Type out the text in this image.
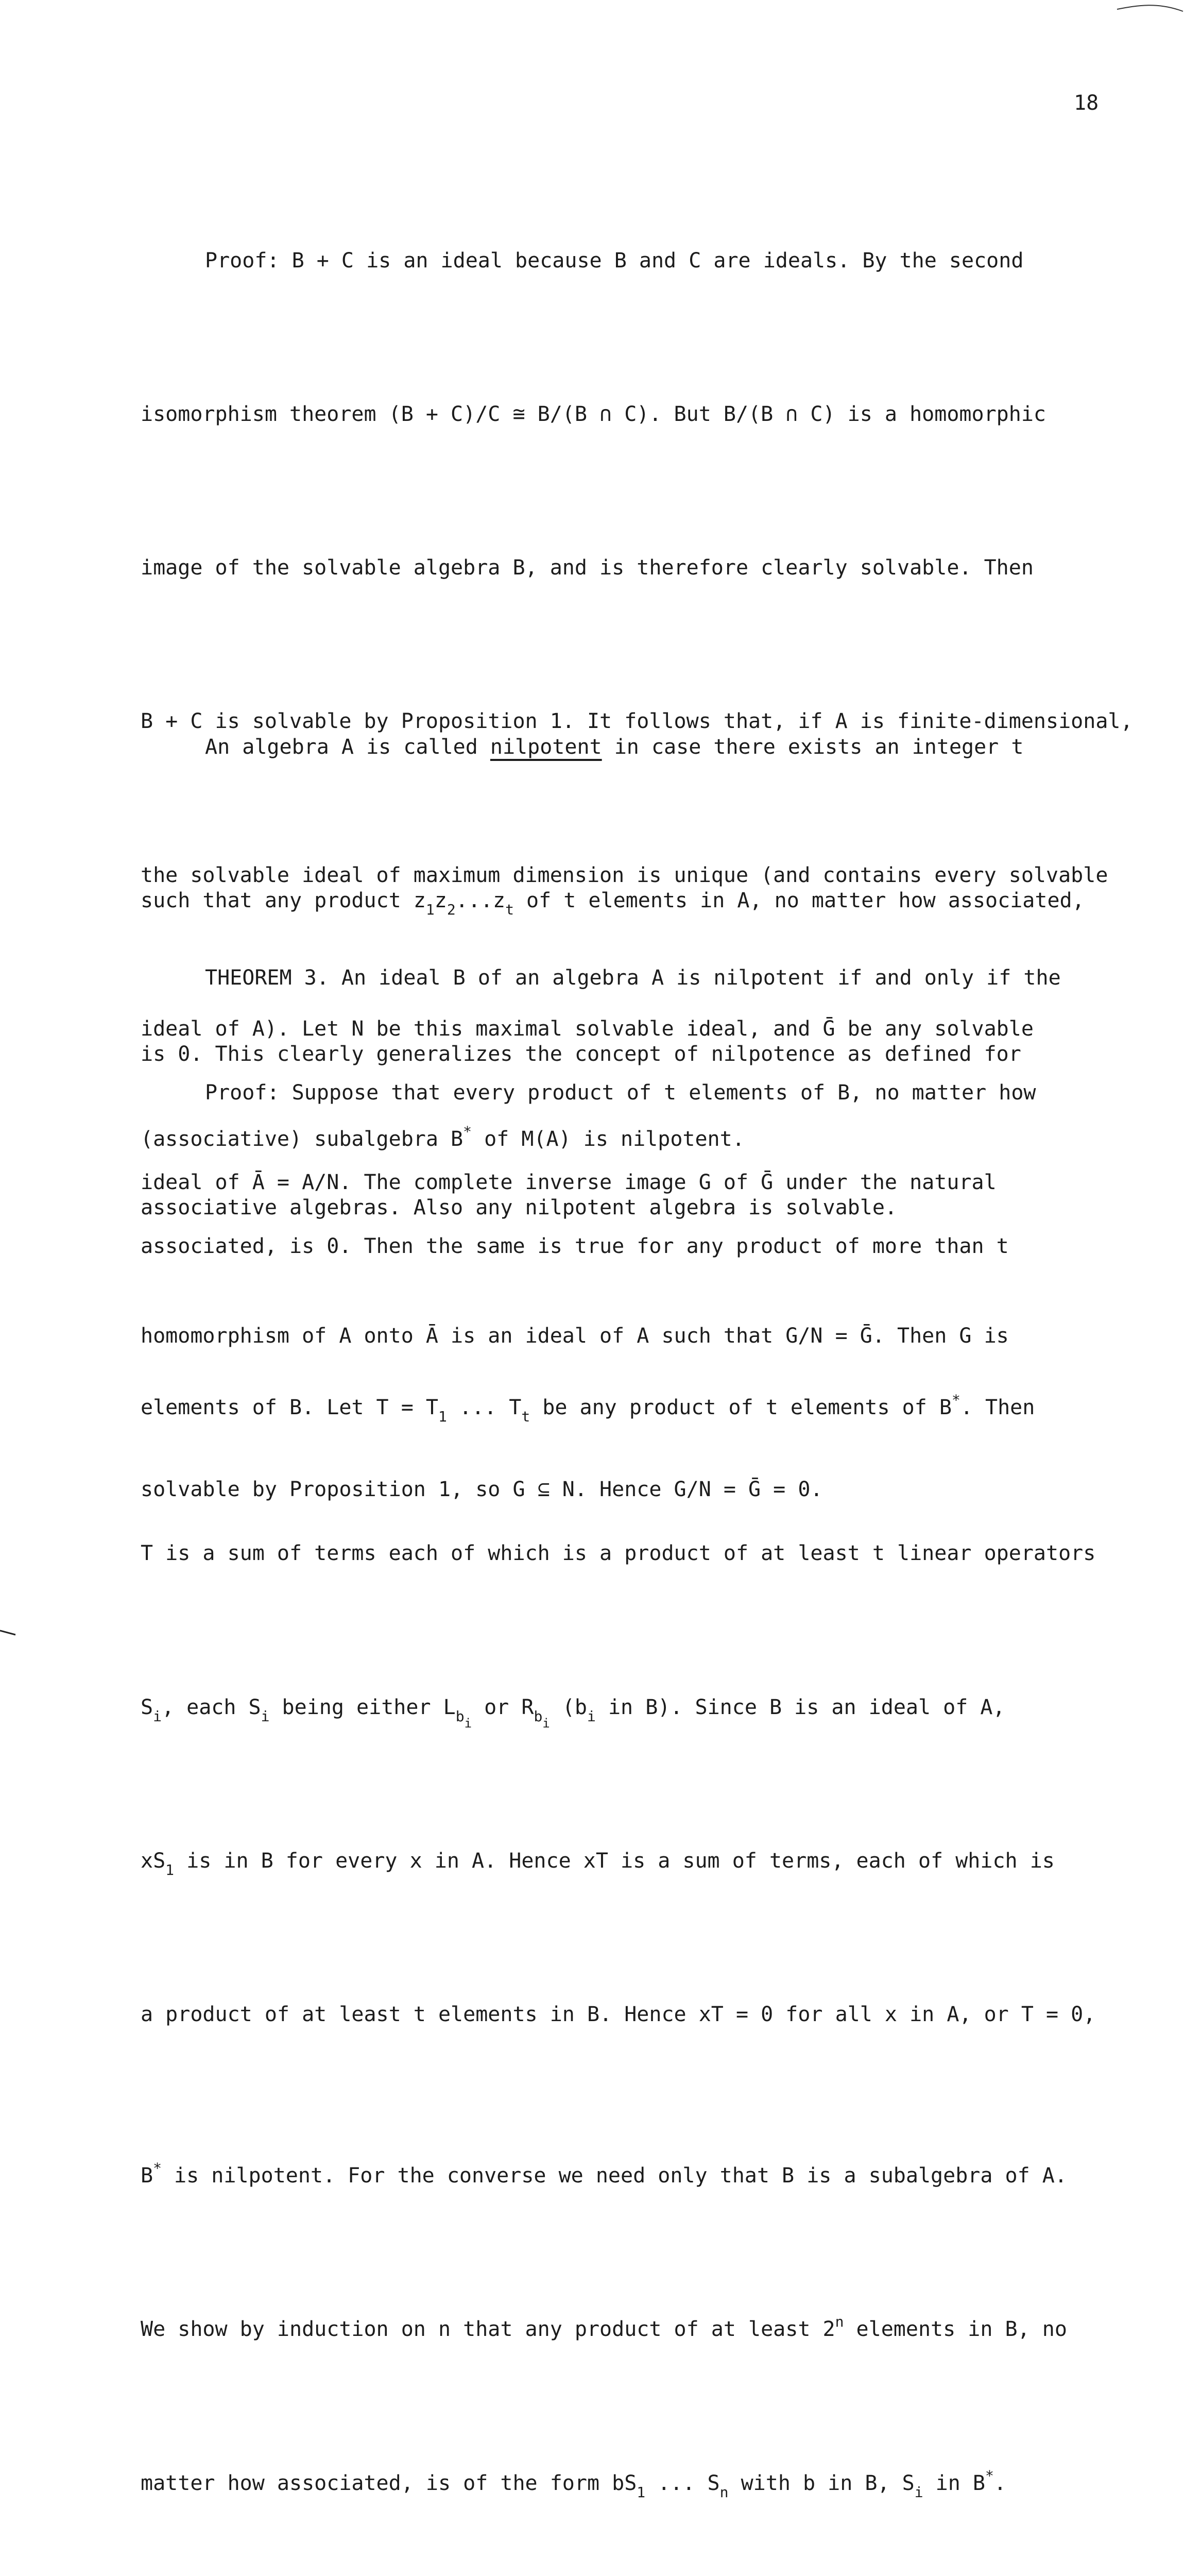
18

Proof: B + C is an ideal because B and C are ideals. By the second

isomorphism theorem (B + C)/C ≅ B/(B ∩ C). But B/(B ∩ C) is a homomorphic

image of the solvable algebra B, and is therefore clearly solvable. Then

B + C is solvable by Proposition 1. It follows that, if A is finite-dimensional,

the solvable ideal of maximum dimension is unique (and contains every solvable

ideal of A). Let N be this maximal solvable ideal, and Ḡ be any solvable

ideal of Ā = A/N. The complete inverse image G of Ḡ under the natural

homomorphism of A onto Ā is an ideal of A such that G/N = Ḡ. Then G is

solvable by Proposition 1, so G ⊆ N. Hence G/N = Ḡ = 0.

An algebra A is called nilpotent in case there exists an integer t

such that any product $z_1z_2...z_t$ of t elements in A, no matter how associated,

is 0. This clearly generalizes the concept of nilpotence as defined for

associative algebras. Also any nilpotent algebra is solvable.

THEOREM 3. An ideal B of an algebra A is nilpotent if and only if the

(associative) subalgebra B* of M(A) is nilpotent.

Proof: Suppose that every product of t elements of B, no matter how

associated, is 0. Then the same is true for any product of more than t

elements of B. Let $T = T_1$ ... $T_t$ be any product of t elements of B*. Then

T is a sum of terms each of which is a product of at least t linear operators

$S_i$, each $S_i$ being either $L_{bi}$ or $R_{bi}$ ($b_i$ in B). Since B is an ideal of A,

$xS_1$ is in B for every x in A. Hence xT is a sum of terms, each of which is

a product of at least t elements in B. Hence xT = 0 for all x in A, or T = 0,

B* is nilpotent. For the converse we need only that B is a subalgebra of A.

We show by induction on n that any product of at least 2$^n$ elements in B, no

matter how associated, is of the form $bS_1$ ... $S_n$ with b in B, $S_i$ in B*.
